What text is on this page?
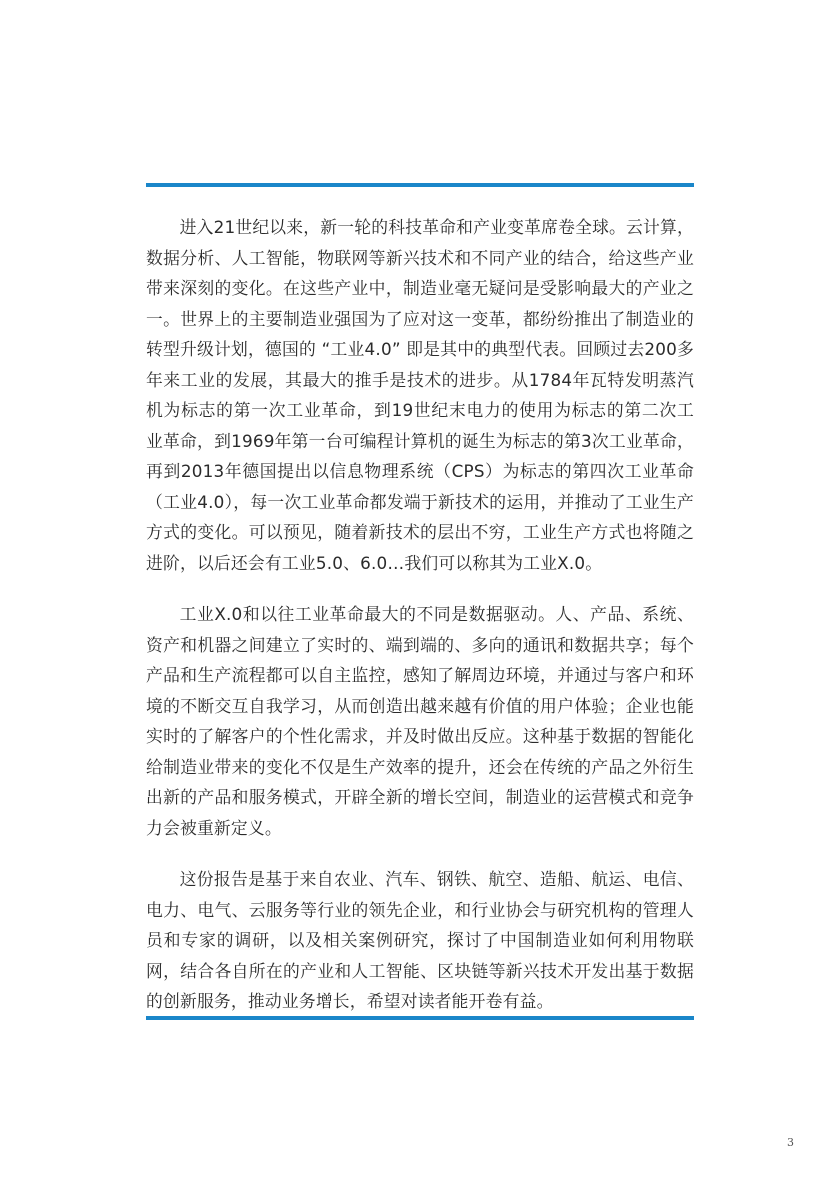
进入21世纪以来，新一轮的科技革命和产业变革席卷全球。云计算，数据分析、人工智能，物联网等新兴技术和不同产业的结合，给这些产业带来深刻的变化。在这些产业中，制造业毫无疑问是受影响最大的产业之一。世界上的主要制造业强国为了应对这一变革，都纷纷推出了制造业的转型升级计划，德国的 “工业4.0” 即是其中的典型代表。回顾过去200多年来工业的发展，其最大的推手是技术的进步。从1784年瓦特发明蒸汽机为标志的第一次工业革命，到19世纪末电力的使用为标志的第二次工业革命，到1969年第一台可编程计算机的诞生为标志的第3次工业革命，再到2013年德国提出以信息物理系统（CPS）为标志的第四次工业革命（工业4.0），每一次工业革命都发端于新技术的运用，并推动了工业生产方式的变化。可以预见，随着新技术的层出不穷，工业生产方式也将随之进阶，以后还会有工业5.0、6.0…我们可以称其为工业X.0。

工业X.0和以往工业革命最大的不同是数据驱动。人、产品、系统、资产和机器之间建立了实时的、端到端的、多向的通讯和数据共享；每个产品和生产流程都可以自主监控，感知了解周边环境，并通过与客户和环境的不断交互自我学习，从而创造出越来越有价值的用户体验；企业也能实时的了解客户的个性化需求，并及时做出反应。这种基于数据的智能化给制造业带来的变化不仅是生产效率的提升，还会在传统的产品之外衍生出新的产品和服务模式，开辟全新的增长空间，制造业的运营模式和竞争力会被重新定义。

这份报告是基于来自农业、汽车、钢铁、航空、造船、航运、电信、电力、电气、云服务等行业的领先企业，和行业协会与研究机构的管理人员和专家的调研，以及相关案例研究，探讨了中国制造业如何利用物联网，结合各自所在的产业和人工智能、区块链等新兴技术开发出基于数据的创新服务，推动业务增长，希望对读者能开卷有益。

3
